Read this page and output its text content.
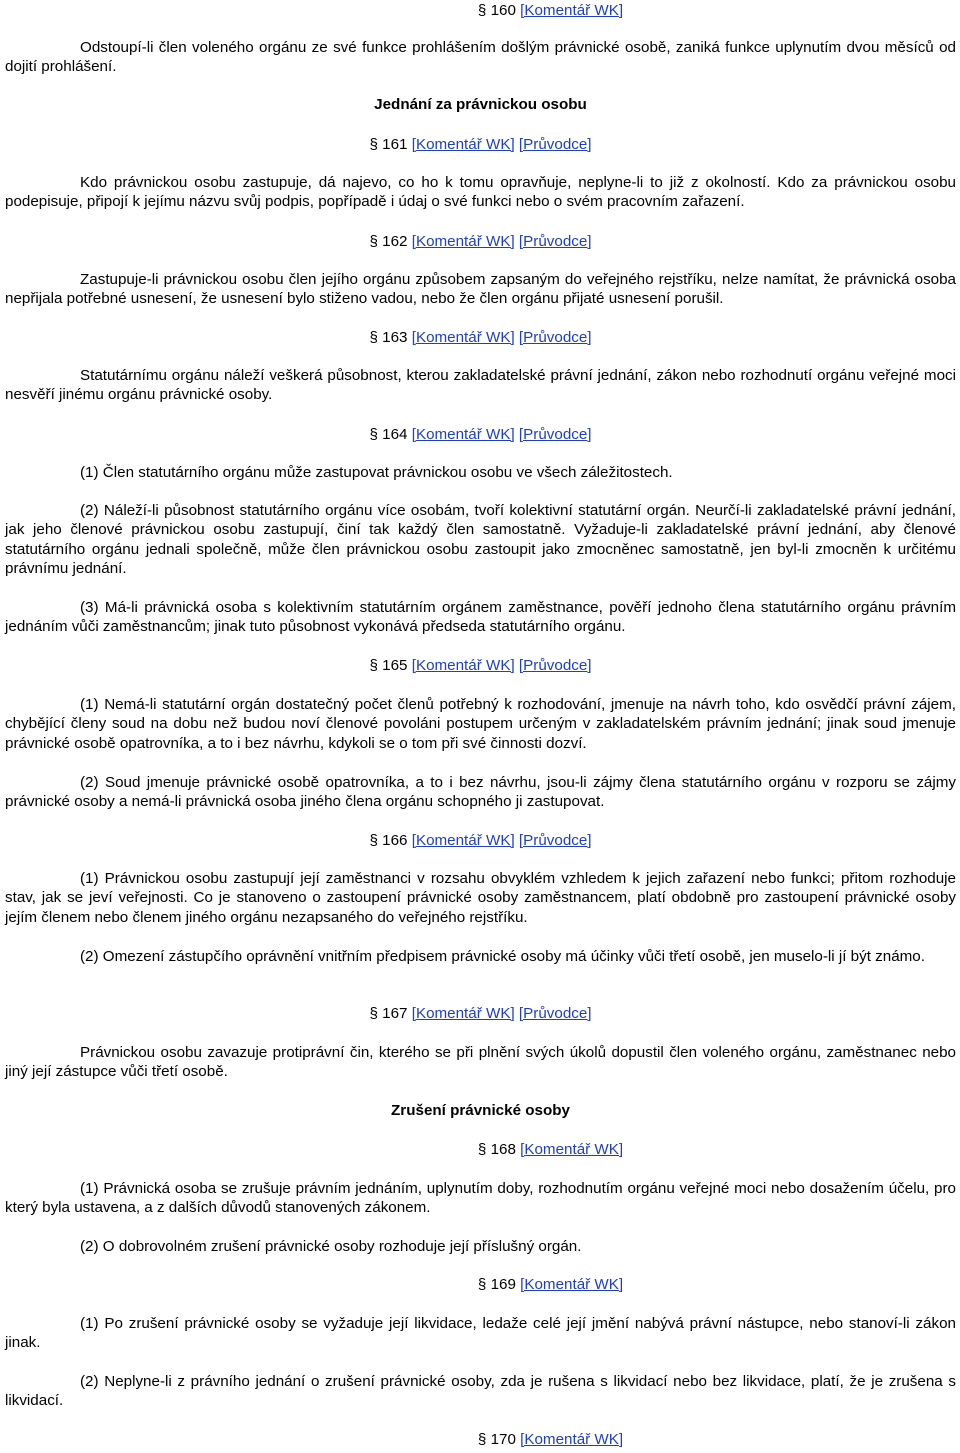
§ 160 [Komentář WK]

Odstoupí-li člen voleného orgánu ze své funkce prohlášením došlým právnické osobě, zaniká funkce uplynutím dvou měsíců od dojití prohlášení.

Jednání za právnickou osobu
§ 161 [Komentář WK] [Průvodce]

Kdo právnickou osobu zastupuje, dá najevo, co ho k tomu opravňuje, neplyne-li to již z okolností. Kdo za právnickou osobu podepisuje, připojí k jejímu názvu svůj podpis, popřípadě i údaj o své funkci nebo o svém pracovním zařazení.

§ 162 [Komentář WK] [Průvodce]

Zastupuje-li právnickou osobu člen jejího orgánu způsobem zapsaným do veřejného rejstříku, nelze namítat, že právnická osoba nepřijala potřebné usnesení, že usnesení bylo stiženo vadou, nebo že člen orgánu přijaté usnesení porušil.

§ 163 [Komentář WK] [Průvodce]

Statutárnímu orgánu náleží veškerá působnost, kterou zakladatelské právní jednání, zákon nebo rozhodnutí orgánu veřejné moci nesvěří jinému orgánu právnické osoby.

§ 164 [Komentář WK] [Průvodce]

(1) Člen statutárního orgánu může zastupovat právnickou osobu ve všech záležitostech.

(2) Náleží-li působnost statutárního orgánu více osobám, tvoří kolektivní statutární orgán. Neurčí-li zakladatelské právní jednání, jak jeho členové právnickou osobu zastupují, činí tak každý člen samostatně. Vyžaduje-li zakladatelské právní jednání, aby členové statutárního orgánu jednali společně, může člen právnickou osobu zastoupit jako zmocněnec samostatně, jen byl-li zmocněn k určitému právnímu jednání.

(3) Má-li právnická osoba s kolektivním statutárním orgánem zaměstnance, pověří jednoho člena statutárního orgánu právním jednáním vůči zaměstnancům; jinak tuto působnost vykonává předseda statutárního orgánu.

§ 165 [Komentář WK] [Průvodce]

(1) Nemá-li statutární orgán dostatečný počet členů potřebný k rozhodování, jmenuje na návrh toho, kdo osvědčí právní zájem, chybějící členy soud na dobu než budou noví členové povoláni postupem určeným v zakladatelském právním jednání; jinak soud jmenuje právnické osobě opatrovníka, a to i bez návrhu, kdykoli se o tom při své činnosti dozví.

(2) Soud jmenuje právnické osobě opatrovníka, a to i bez návrhu, jsou-li zájmy člena statutárního orgánu v rozporu se zájmy právnické osoby a nemá-li právnická osoba jiného člena orgánu schopného ji zastupovat.

§ 166 [Komentář WK] [Průvodce]

(1) Právnickou osobu zastupují její zaměstnanci v rozsahu obvyklém vzhledem k jejich zařazení nebo funkci; přitom rozhoduje stav, jak se jeví veřejnosti. Co je stanoveno o zastoupení právnické osoby zaměstnancem, platí obdobně pro zastoupení právnické osoby jejím členem nebo členem jiného orgánu nezapsaného do veřejného rejstříku.

(2) Omezení zástupčího oprávnění vnitřním předpisem právnické osoby má účinky vůči třetí osobě, jen muselo-li jí být známo.

§ 167 [Komentář WK] [Průvodce]

Právnickou osobu zavazuje protiprávní čin, kterého se při plnění svých úkolů dopustil člen voleného orgánu, zaměstnanec nebo jiný její zástupce vůči třetí osobě.

Zrušení právnické osoby
§ 168 [Komentář WK]

(1) Právnická osoba se zrušuje právním jednáním, uplynutím doby, rozhodnutím orgánu veřejné moci nebo dosažením účelu, pro který byla ustavena, a z dalších důvodů stanovených zákonem.

(2) O dobrovolném zrušení právnické osoby rozhoduje její příslušný orgán.

§ 169 [Komentář WK]

(1) Po zrušení právnické osoby se vyžaduje její likvidace, ledaže celé její jmění nabývá právní nástupce, nebo stanoví-li zákon jinak.

(2) Neplyne-li z právního jednání o zrušení právnické osoby, zda je rušena s likvidací nebo bez likvidace, platí, že je zrušena s likvidací.

§ 170 [Komentář WK]
